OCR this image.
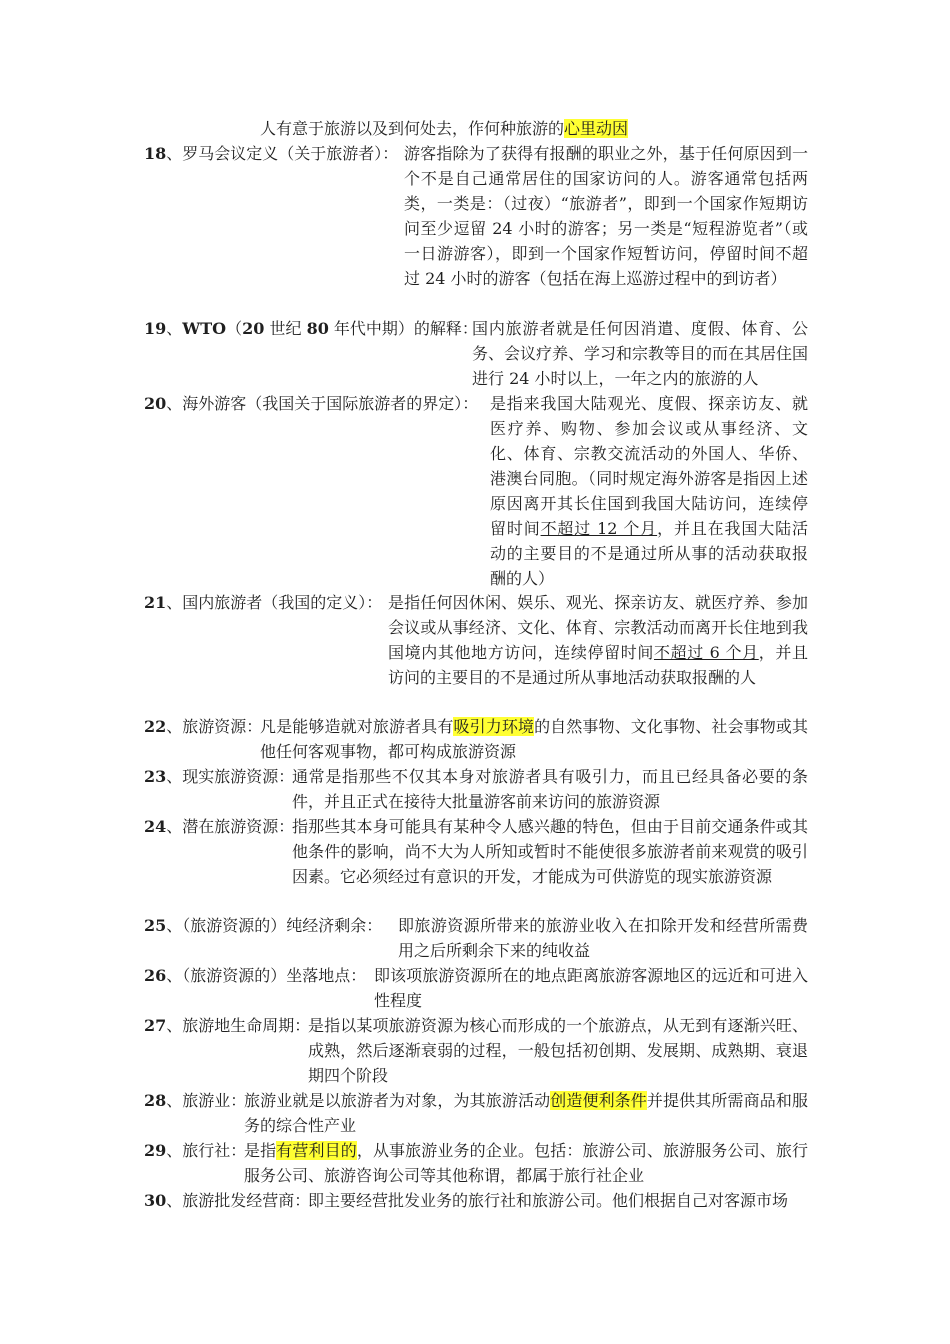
人有意于旅游以及到何处去，作何种旅游的心里动因
18、罗马会议定义（关于旅游者）： 游客指除为了获得有报酬的职业之外，基于任何原因到一个不是自己通常居住的国家访问的人。游客通常包括两类，一类是：（过夜）“旅游者”，即到一个国家作短期访问至少逗留 24 小时的游客；另一类是“短程游览者”（或一日游游客），即到一个国家作短暂访问，停留时间不超过 24 小时的游客（包括在海上巡游过程中的到访者）
19、WTO（20 世纪 80 年代中期）的解释：
国内旅游者就是任何因消遣、度假、体育、公务、会议疗养、学习和宗教等目的而在其居住国进行 24 小时以上，一年之内的旅游的人
20、海外游客（我国关于国际旅游者的界定）： 是指来我国大陆观光、度假、探亲访友、就医疗养、购物、参加会议或从事经济、文化、体育、宗教交流活动的外国人、华侨、港澳台同胞。（同时规定海外游客是指因上述原因离开其长住国到我国大陆访问，连续停留时间不超过 12 个月，并且在我国大陆活动的主要目的不是通过所从事的活动获取报酬的人）
21、国内旅游者（我国的定义）： 是指任何因休闲、娱乐、观光、探亲访友、就医疗养、参加会议或从事经济、文化、体育、宗教活动而离开长住地到我国境内其他地方访问，连续停留时间不超过 6 个月，并且访问的主要目的不是通过所从事地活动获取报酬的人
22、旅游资源：
凡是能够造就对旅游者具有吸引力环境的自然事物、文化事物、社会事物或其他任何客观事物，都可构成旅游资源
23、现实旅游资源：
通常是指那些不仅其本身对旅游者具有吸引力，而且已经具备必要的条件，并且正式在接待大批量游客前来访问的旅游资源
24、潜在旅游资源：
指那些其本身可能具有某种令人感兴趣的特色，但由于目前交通条件或其他条件的影响，尚不大为人所知或暂时不能使很多旅游者前来观赏的吸引因素。它必须经过有意识的开发，才能成为可供游览的现实旅游资源
25、（旅游资源的）纯经济剩余： 即旅游资源所带来的旅游业收入在扣除开发和经营所需费用之后所剩余下来的纯收益
26、（旅游资源的）坐落地点： 即该项旅游资源所在的地点距离旅游客源地区的远近和可进入性程度
27、旅游地生命周期：
是指以某项旅游资源为核心而形成的一个旅游点，从无到有逐渐兴旺、成熟，然后逐渐衰弱的过程，一般包括初创期、发展期、成熟期、衰退期四个阶段
28、旅游业：
旅游业就是以旅游者为对象，为其旅游活动创造便利条件并提供其所需商品和服务的综合性产业
29、旅行社：
是指有营利目的，从事旅游业务的企业。包括：旅游公司、旅游服务公司、旅行服务公司、旅游咨询公司等其他称谓，都属于旅行社企业
30、旅游批发经营商：
即主要经营批发业务的旅行社和旅游公司。他们根据自己对客源市场
